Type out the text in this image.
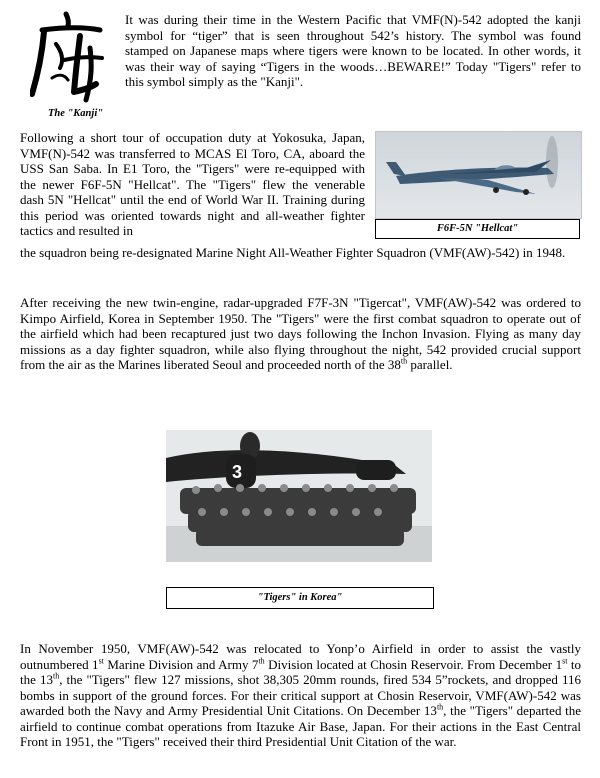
The "Kanji"

It was during their time in the Western Pacific that VMF(N)-542 adopted the kanji symbol for “tiger” that is seen throughout 542’s history. The symbol was found stamped on Japanese maps where tigers were known to be located. In other words, it was their way of saying “Tigers in the woods…BEWARE!” Today "Tigers" refer to this symbol simply as the "Kanji".

F6F-5N "Hellcat"

Following a short tour of occupation duty at Yokosuka, Japan, VMF(N)-542 was transferred to MCAS El Toro, CA, aboard the USS San Saba. In E1 Toro, the "Tigers" were re-equipped with the newer F6F-5N "Hellcat". The "Tigers" flew the venerable dash 5N "Hellcat" until the end of World War II. Training during this period was oriented towards night and all-weather fighter tactics and resulted in

the squadron being re-designated Marine Night All-Weather Fighter Squadron (VMF(AW)-542) in 1948.

After receiving the new twin-engine, radar-upgraded F7F-3N "Tigercat", VMF(AW)-542 was ordered to Kimpo Airfield, Korea in September 1950. The "Tigers" were the first combat squadron to operate out of the airfield which had been recaptured just two days following the Inchon Invasion. Flying as many day missions as a day fighter squadron, while also flying throughout the night, 542 provided crucial support from the air as the Marines liberated Seoul and proceeded north of the 38th parallel.

3
"Tigers" in Korea"

In November 1950, VMF(AW)-542 was relocated to Yonp’o Airfield in order to assist the vastly outnumbered 1st Marine Division and Army 7th Division located at Chosin Reservoir. From December 1st to the 13th, the "Tigers" flew 127 missions, shot 38,305 20mm rounds, fired 534 5”rockets, and dropped 116 bombs in support of the ground forces. For their critical support at Chosin Reservoir, VMF(AW)-542 was awarded both the Navy and Army Presidential Unit Citations. On December 13th, the "Tigers" departed the airfield to continue combat operations from Itazuke Air Base, Japan. For their actions in the East Central Front in 1951, the "Tigers" received their third Presidential Unit Citation of the war.
